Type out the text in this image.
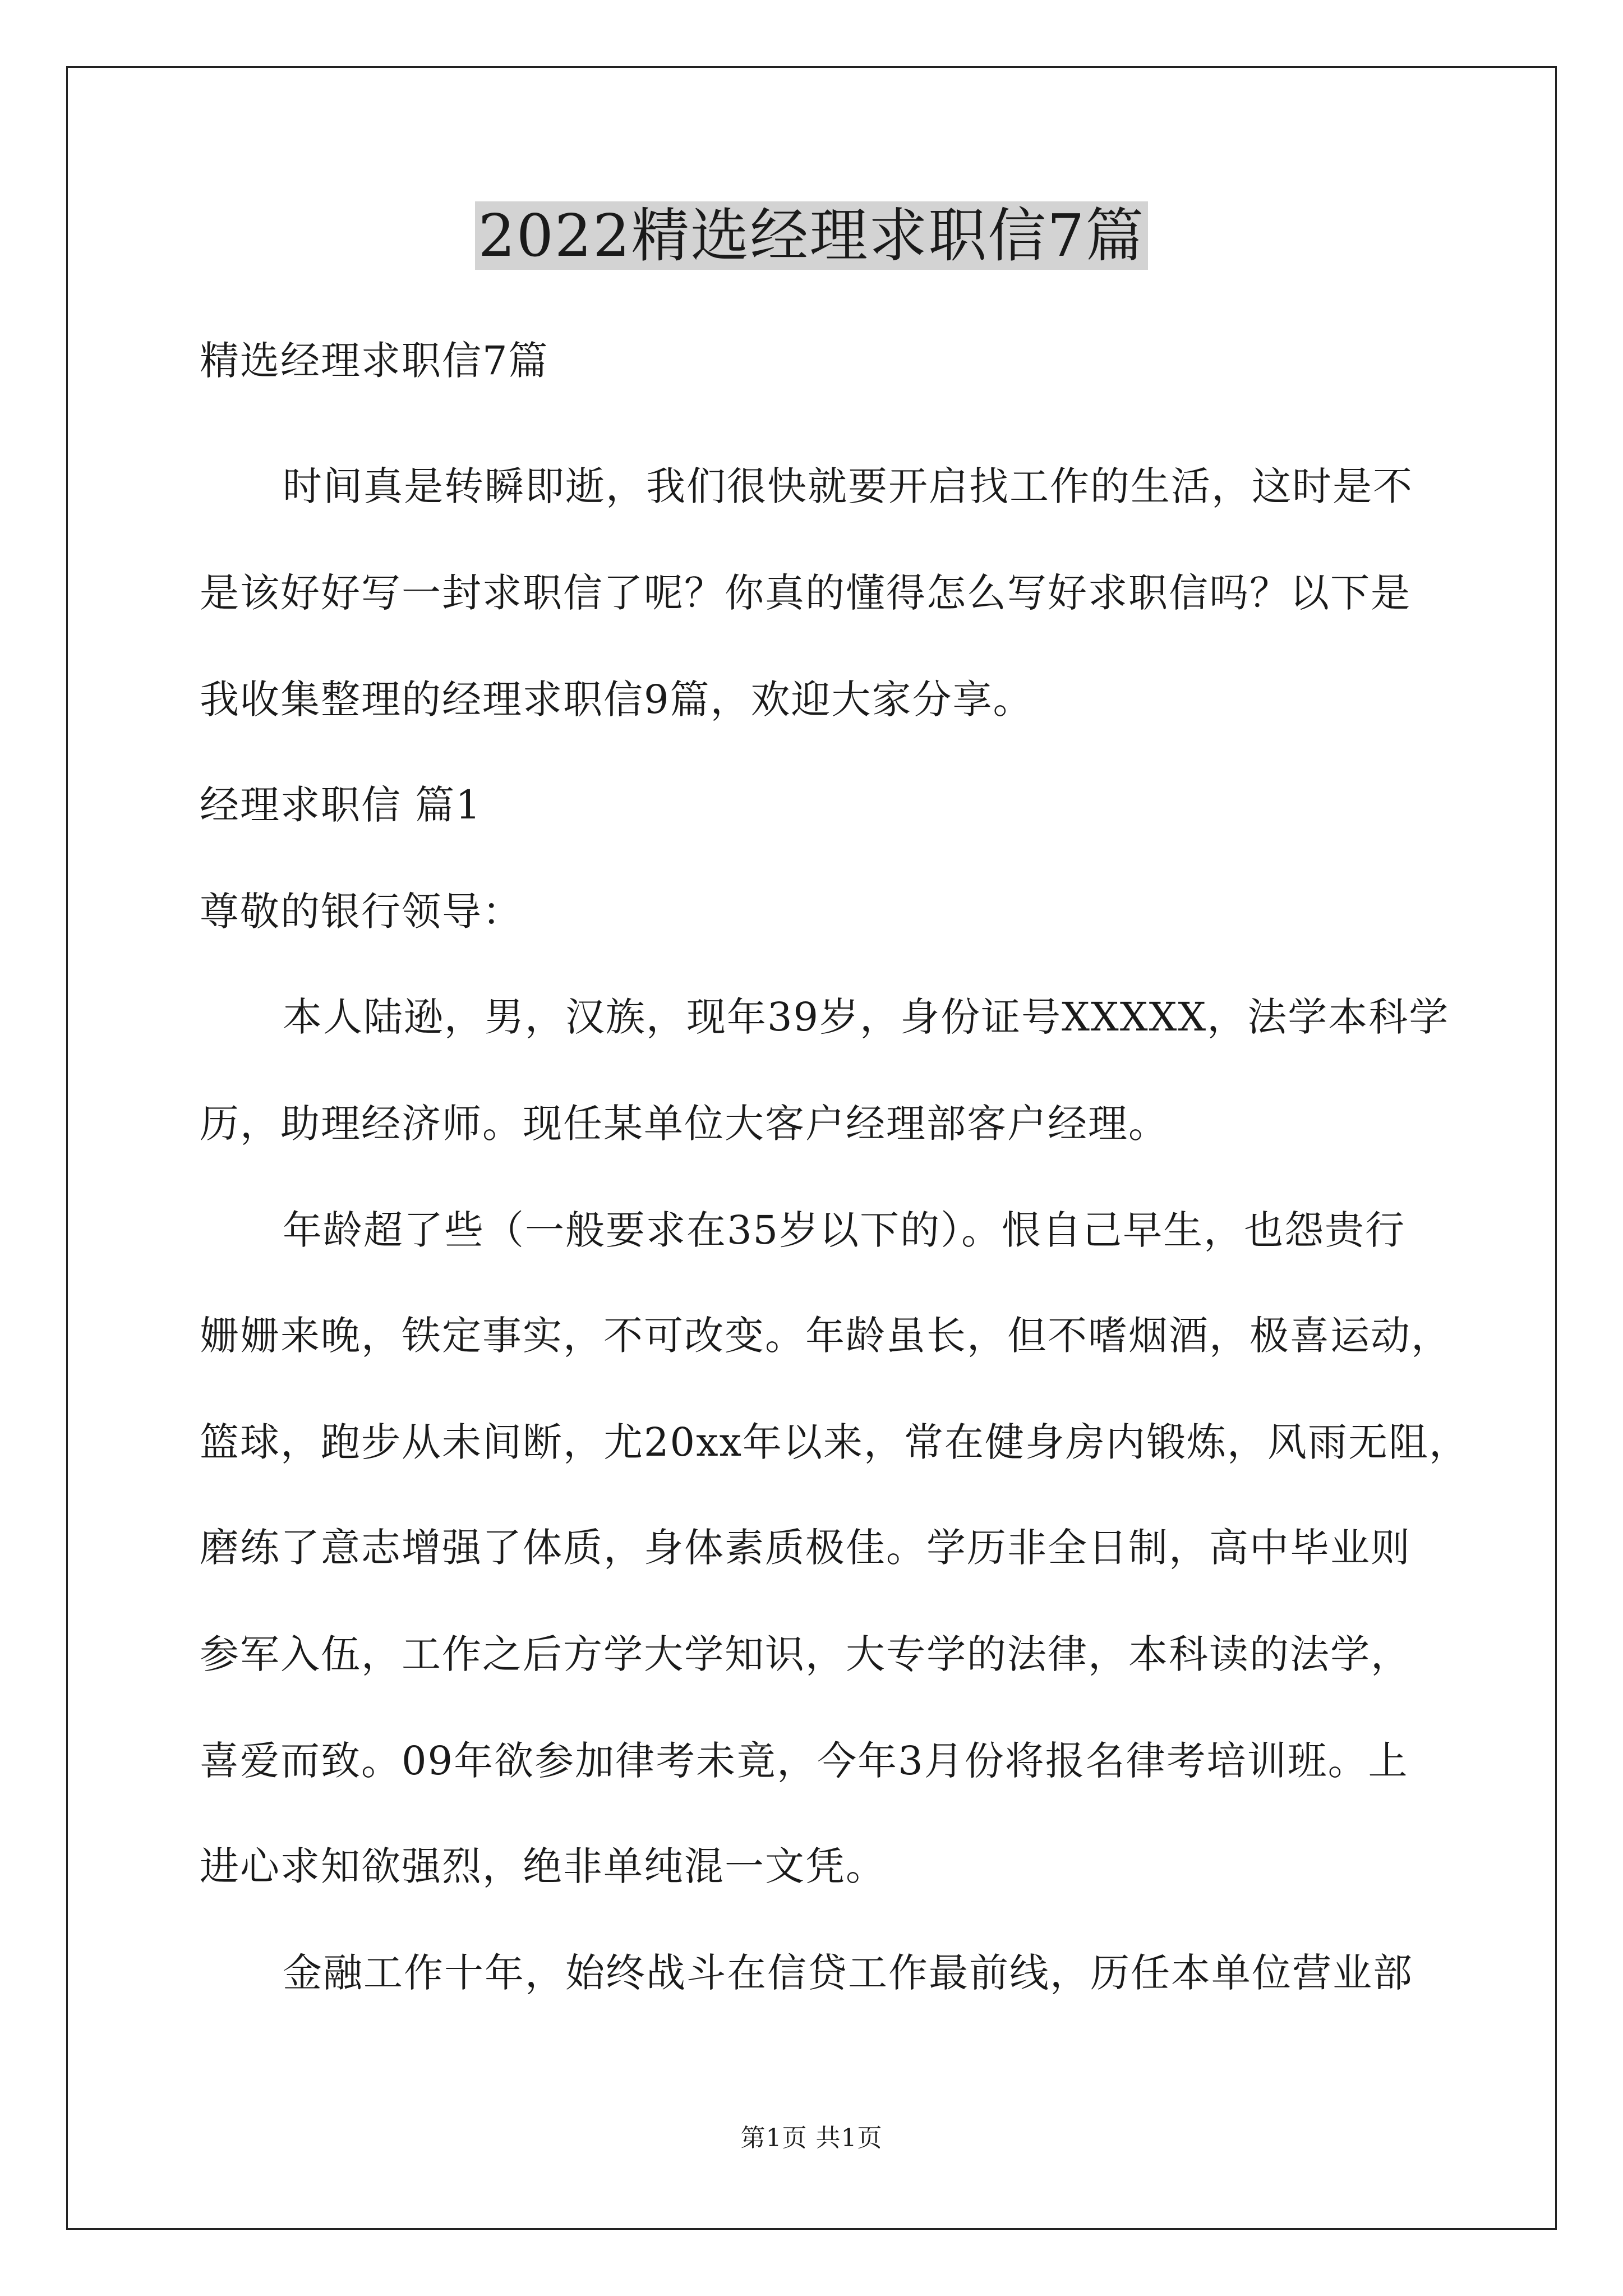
2022精选经理求职信7篇
精选经理求职信7篇
时间真是转瞬即逝，我们很快就要开启找工作的生活，这时是不
是该好好写一封求职信了呢？你真的懂得怎么写好求职信吗？以下是
我收集整理的经理求职信9篇，欢迎大家分享。
经理求职信 篇1
尊敬的银行领导：
本人陆逊，男，汉族，现年39岁，身份证号XXXXX，法学本科学
历，助理经济师。现任某单位大客户经理部客户经理。
年龄超了些（一般要求在35岁以下的）。恨自己早生，也怨贵行
姗姗来晚，铁定事实，不可改变。年龄虽长，但不嗜烟酒，极喜运动，
篮球，跑步从未间断，尤20xx年以来，常在健身房内锻炼，风雨无阻，
磨练了意志增强了体质，身体素质极佳。学历非全日制，高中毕业则
参军入伍，工作之后方学大学知识，大专学的法律，本科读的法学，
喜爱而致。09年欲参加律考未竟，今年3月份将报名律考培训班。上
进心求知欲强烈，绝非单纯混一文凭。
金融工作十年，始终战斗在信贷工作最前线，历任本单位营业部
第1页 共1页
